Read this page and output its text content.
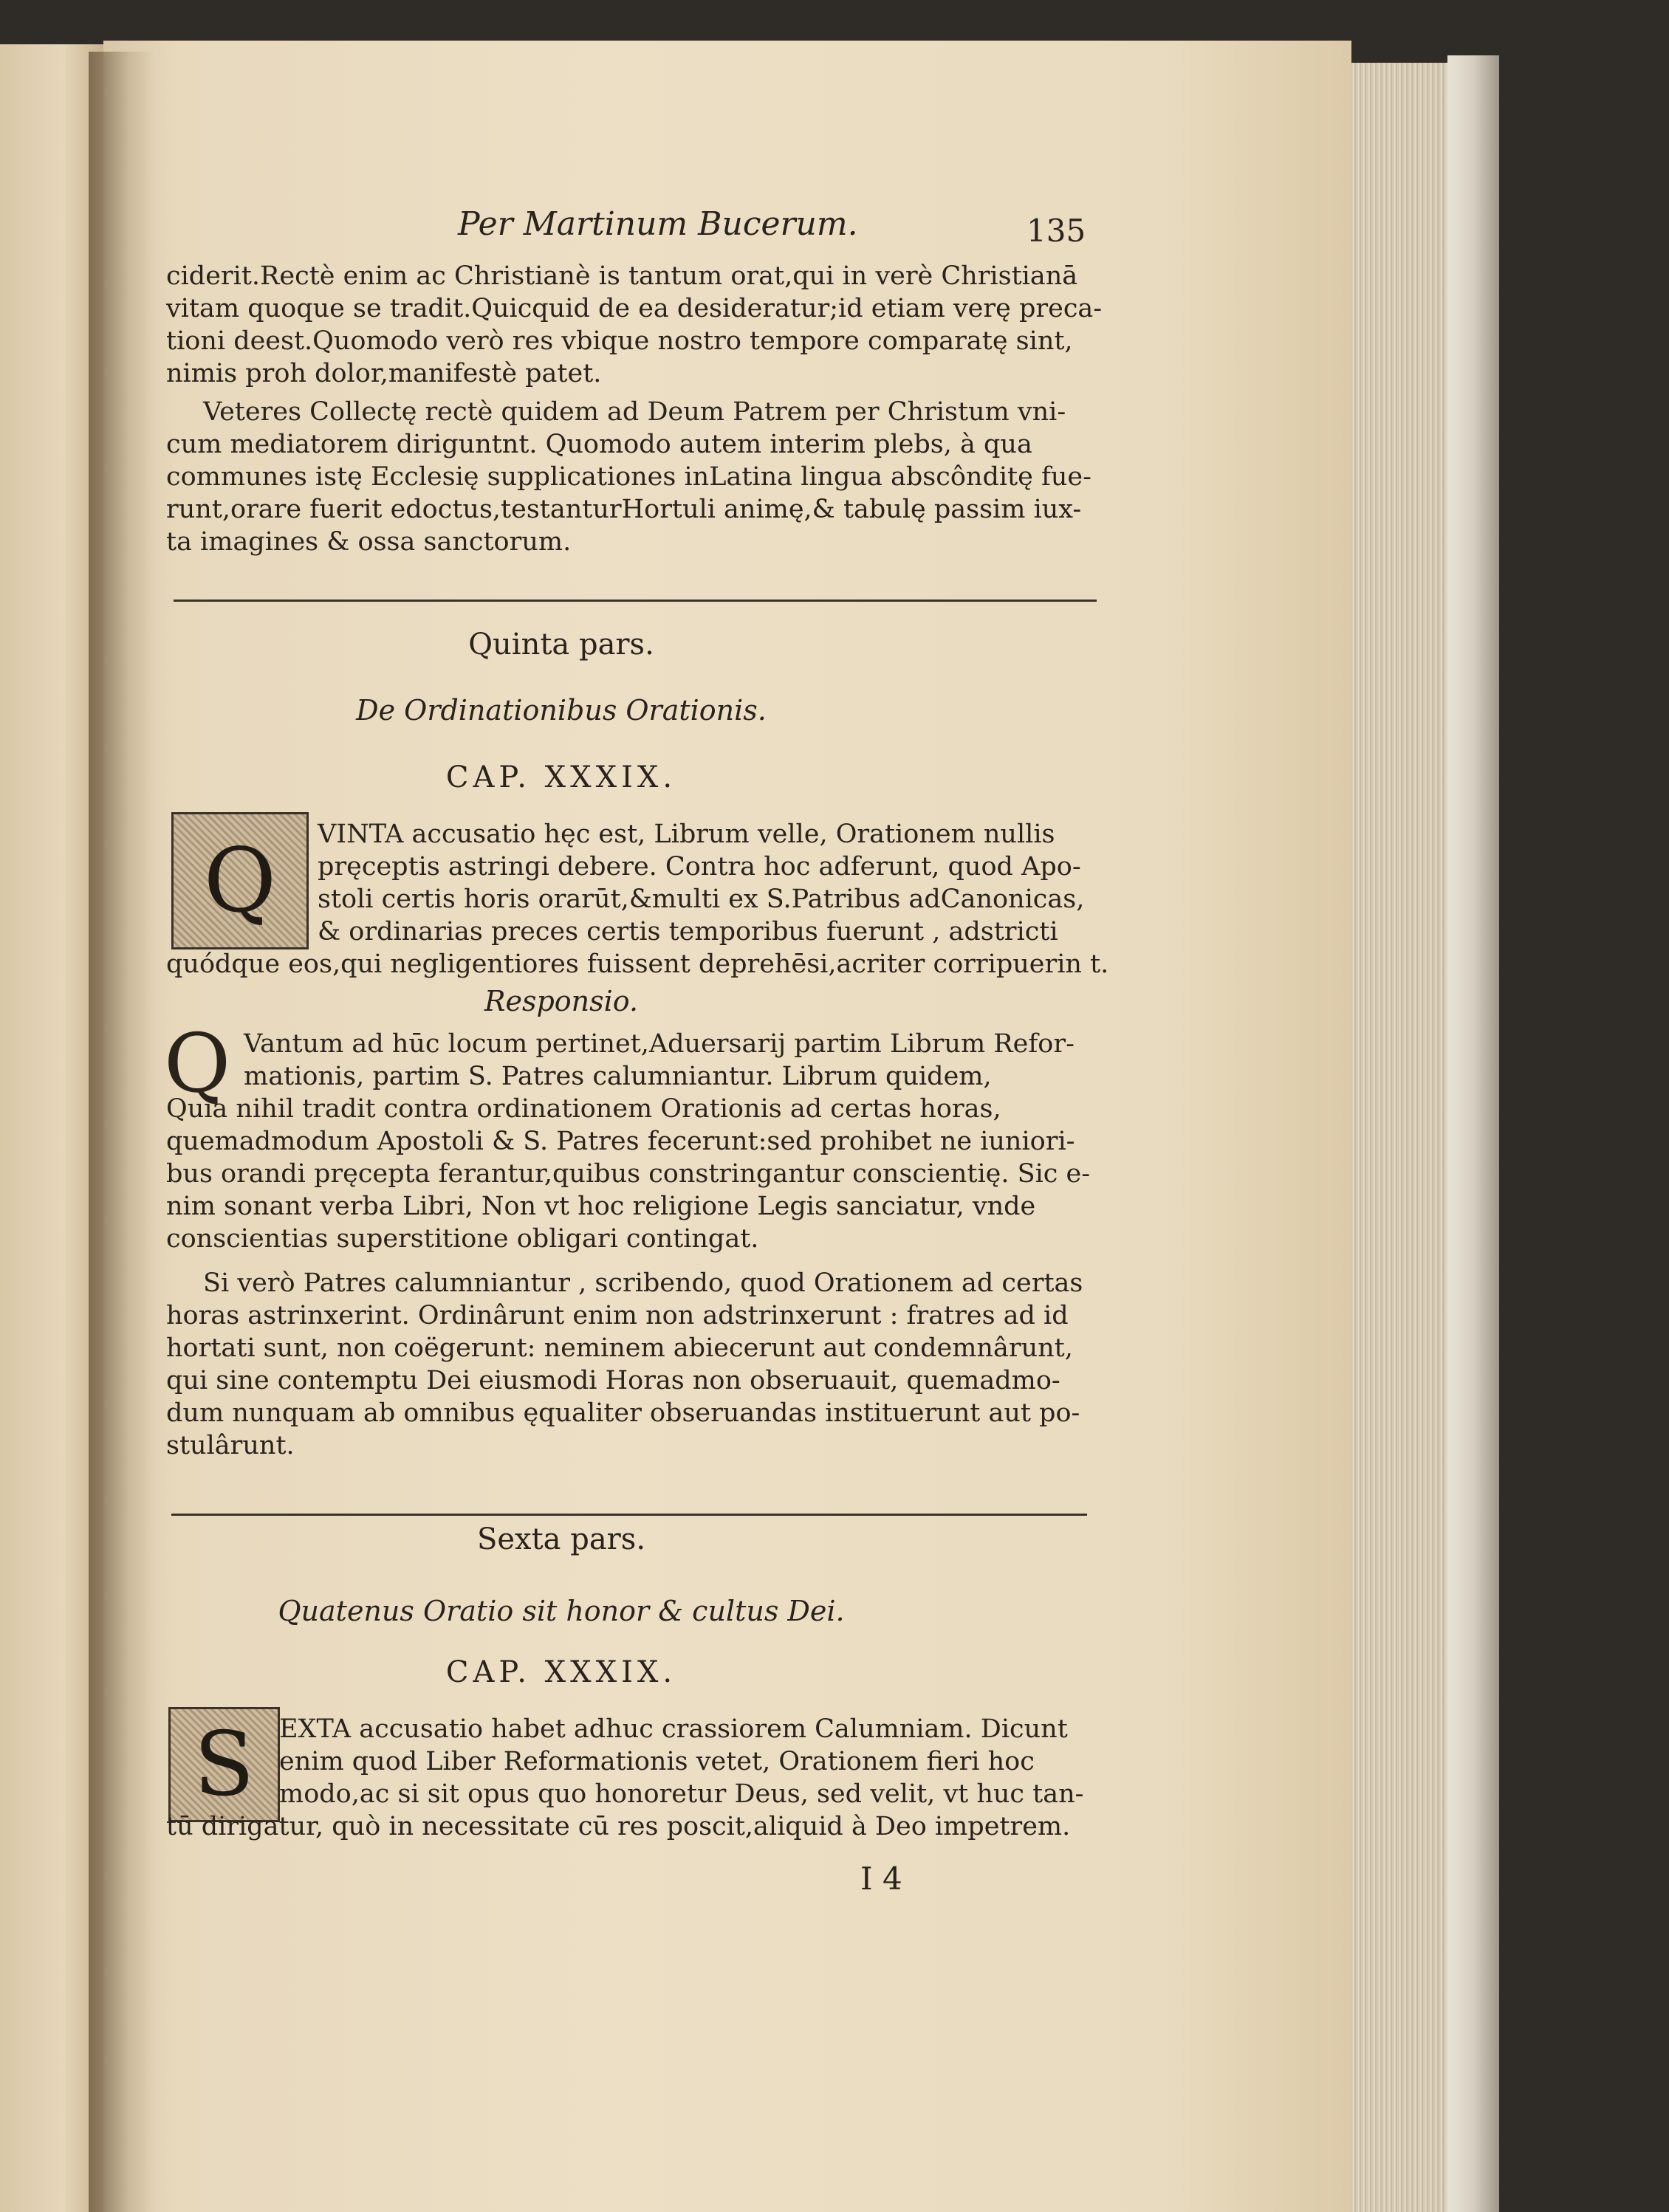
Per Martinum Bucerum.	135
ciderit.Rectè enim ac Christianè is tantum orat,qui in verè Christianā
vitam quoque se tradit.Quicquid de ea desideratur;id etiam verę preca-
tioni deest.Quomodo verò res vbique nostro tempore comparatę sint,
nimis proh dolor,manifestè patet.
Veteres Collectę rectè quidem ad Deum Patrem per Christum vni-
cum mediatorem diriguntnt. Quomodo autem interim plebs, à qua
communes istę Ecclesię supplicationes inLatina lingua abscônditę fue-
runt,orare fuerit edoctus,testanturHortuli animę,& tabulę passim iux-
ta imagines & ossa sanctorum.
Quinta pars.
De Ordinationibus Orationis.
CAP. XXXIX.
Q VINTA accusatio hęc est, Librum velle, Orationem nullis
pręceptis astringi debere. Contra hoc adferunt, quod Apo-
stoli certis horis orarūt,&multi ex S.Patribus adCanonicas,
& ordinarias preces certis temporibus fuerunt , adstricti
quódque eos,qui negligentiores fuissent deprehēsi,acriter corripuerin t.
Responsio.
Q Vantum ad hūc locum pertinet,Aduersarij partim Librum Refor-
mationis, partim S. Patres calumniantur. Librum quidem,
Quia nihil tradit contra ordinationem Orationis ad certas horas,
quemadmodum Apostoli & S. Patres fecerunt:sed prohibet ne iuniori-
bus orandi pręcepta ferantur,quibus constringantur conscientię. Sic e-
nim sonant verba Libri, Non vt hoc religione Legis sanciatur, vnde
conscientias superstitione obligari contingat.
Si verò Patres calumniantur , scribendo, quod Orationem ad certas
horas astrinxerint. Ordinârunt enim non adstrinxerunt : fratres ad id
hortati sunt, non coëgerunt: neminem abiecerunt aut condemnârunt,
qui sine contemptu Dei eiusmodi Horas non obseruauit, quemadmo-
dum nunquam ab omnibus ęqualiter obseruandas instituerunt aut po-
stulârunt.
Sexta pars.
Quatenus Oratio sit honor & cultus Dei.
CAP. XXXIX.
S EXTA accusatio habet adhuc crassiorem Calumniam. Dicunt
enim quod Liber Reformationis vetet, Orationem fieri hoc
modo,ac si sit opus quo honoretur Deus, sed velit, vt huc tan-
tū dirigatur, quò in necessitate cū res poscit,aliquid à Deo impetrem.
I 4
